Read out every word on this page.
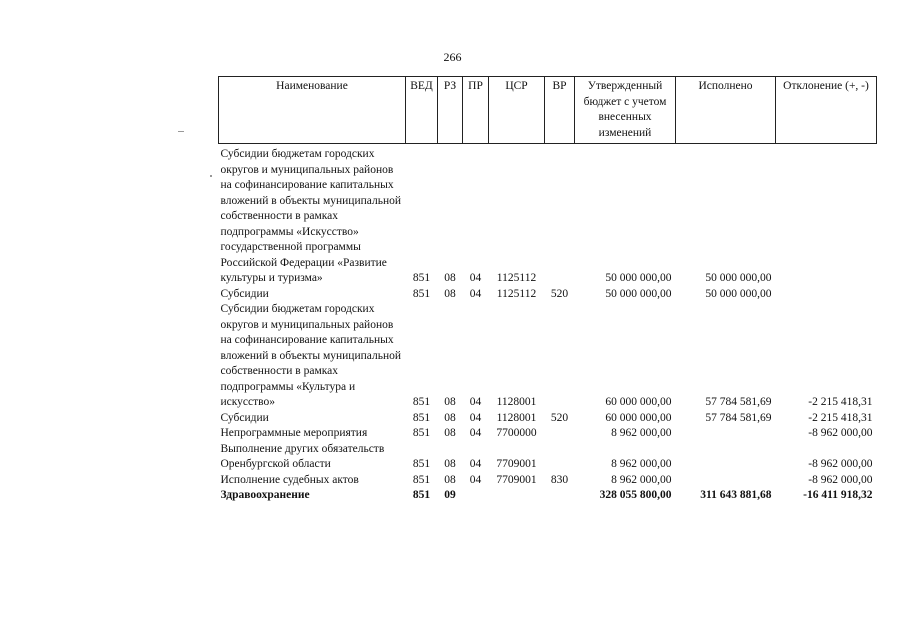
266
Наименование	ВЕД	РЗ	ПР	ЦСР	ВР	Утвержденный бюджет с учетом внесенных изменений	Исполнено	Отклонение (+, -)
Субсидии бюджетам городских округов и муниципальных районов на софинансирование капитальных вложений в объекты муниципальной собственности в рамках подпрограммы «Искусство» государственной программы Российской Федерации «Развитие культуры и туризма»	851	08	04	1125112		50 000 000,00	50 000 000,00	
Субсидии	851	08	04	1125112	520	50 000 000,00	50 000 000,00	
Субсидии бюджетам городских округов и муниципальных районов на софинансирование капитальных вложений в объекты муниципальной собственности в рамках подпрограммы «Культура и искусство»	851	08	04	1128001		60 000 000,00	57 784 581,69	-2 215 418,31
Субсидии	851	08	04	1128001	520	60 000 000,00	57 784 581,69	-2 215 418,31
Непрограммные мероприятия	851	08	04	7700000		8 962 000,00		-8 962 000,00
Выполнение других обязательств Оренбургской области	851	08	04	7709001		8 962 000,00		-8 962 000,00
Исполнение судебных актов	851	08	04	7709001	830	8 962 000,00		-8 962 000,00
Здравоохранение	851	09				328 055 800,00	311 643 881,68	-16 411 918,32
